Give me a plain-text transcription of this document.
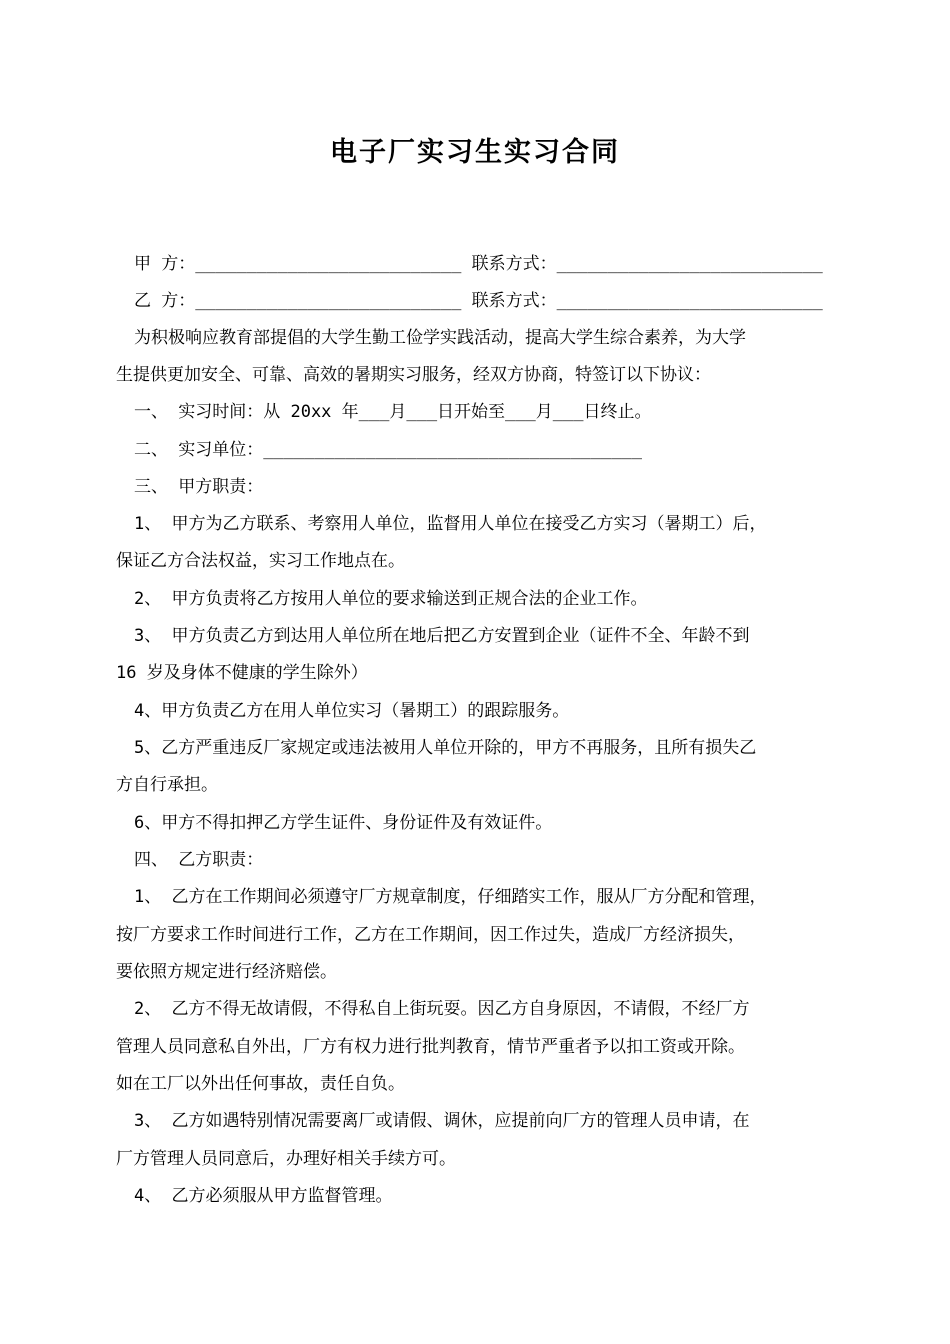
电子厂实习生实习合同
甲 方：__________________________ 联系方式：__________________________
乙 方：__________________________ 联系方式：__________________________
为积极响应教育部提倡的大学生勤工俭学实践活动，提高大学生综合素养，为大学
生提供更加安全、可靠、高效的暑期实习服务，经双方协商，特签订以下协议：
一、 实习时间：从 20xx 年___月___日开始至___月___日终止。
二、 实习单位：_____________________________________
三、 甲方职责：
1、 甲方为乙方联系、考察用人单位，监督用人单位在接受乙方实习（暑期工）后，
保证乙方合法权益，实习工作地点在。
2、 甲方负责将乙方按用人单位的要求输送到正规合法的企业工作。
3、 甲方负责乙方到达用人单位所在地后把乙方安置到企业（证件不全、年龄不到
16 岁及身体不健康的学生除外）
4、甲方负责乙方在用人单位实习（暑期工）的跟踪服务。
5、乙方严重违反厂家规定或违法被用人单位开除的，甲方不再服务，且所有损失乙
方自行承担。
6、甲方不得扣押乙方学生证件、身份证件及有效证件。
四、 乙方职责：
1、 乙方在工作期间必须遵守厂方规章制度，仔细踏实工作，服从厂方分配和管理，
按厂方要求工作时间进行工作，乙方在工作期间，因工作过失，造成厂方经济损失，
要依照方规定进行经济赔偿。
2、 乙方不得无故请假，不得私自上街玩耍。因乙方自身原因，不请假，不经厂方
管理人员同意私自外出，厂方有权力进行批判教育，情节严重者予以扣工资或开除。
如在工厂以外出任何事故，责任自负。
3、 乙方如遇特别情况需要离厂或请假、调休，应提前向厂方的管理人员申请，在
厂方管理人员同意后，办理好相关手续方可。
4、 乙方必须服从甲方监督管理。
